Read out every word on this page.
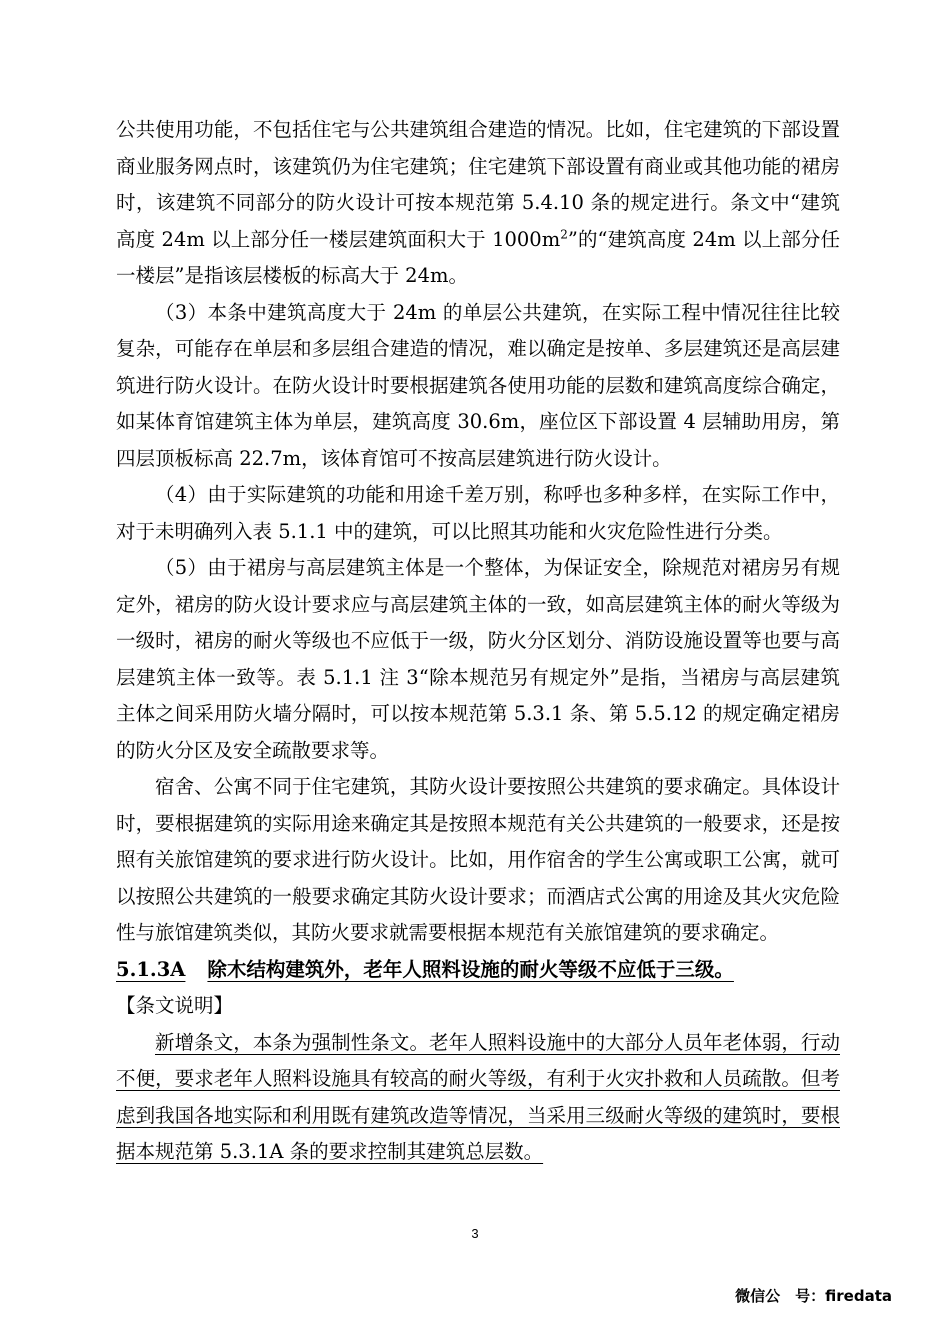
公共使用功能，不包括住宅与公共建筑组合建造的情况。比如，住宅建筑的下部设置商业服务网点时，该建筑仍为住宅建筑；住宅建筑下部设置有商业或其他功能的裙房时，该建筑不同部分的防火设计可按本规范第 5.4.10 条的规定进行。条文中“建筑高度 24m 以上部分任一楼层建筑面积大于 $1000m^2$”的“建筑高度 24m 以上部分任一楼层”是指该层楼板的标高大于 24m。

（3）本条中建筑高度大于 24m 的单层公共建筑，在实际工程中情况往往比较复杂，可能存在单层和多层组合建造的情况，难以确定是按单、多层建筑还是高层建筑进行防火设计。在防火设计时要根据建筑各使用功能的层数和建筑高度综合确定，如某体育馆建筑主体为单层，建筑高度 30.6m，座位区下部设置 4 层辅助用房，第四层顶板标高 22.7m，该体育馆可不按高层建筑进行防火设计。

（4）由于实际建筑的功能和用途千差万别，称呼也多种多样，在实际工作中，对于未明确列入表 5.1.1 中的建筑，可以比照其功能和火灾危险性进行分类。

（5）由于裙房与高层建筑主体是一个整体，为保证安全，除规范对裙房另有规定外，裙房的防火设计要求应与高层建筑主体的一致，如高层建筑主体的耐火等级为一级时，裙房的耐火等级也不应低于一级，防火分区划分、消防设施设置等也要与高层建筑主体一致等。表 5.1.1 注 3“除本规范另有规定外”是指，当裙房与高层建筑主体之间采用防火墙分隔时，可以按本规范第 5.3.1 条、第 5.5.12 的规定确定裙房的防火分区及安全疏散要求等。

宿舍、公寓不同于住宅建筑，其防火设计要按照公共建筑的要求确定。具体设计时，要根据建筑的实际用途来确定其是按照本规范有关公共建筑的一般要求，还是按照有关旅馆建筑的要求进行防火设计。比如，用作宿舍的学生公寓或职工公寓，就可以按照公共建筑的一般要求确定其防火设计要求；而酒店式公寓的用途及其火灾危险性与旅馆建筑类似，其防火要求就需要根据本规范有关旅馆建筑的要求确定。

5.1.3A 除木结构建筑外，老年人照料设施的耐火等级不应低于三级。

【条文说明】

新增条文，本条为强制性条文。老年人照料设施中的大部分人员年老体弱，行动不便，要求老年人照料设施具有较高的耐火等级，有利于火灾扑救和人员疏散。但考虑到我国各地实际和利用既有建筑改造等情况，当采用三级耐火等级的建筑时，要根据本规范第 5.3.1A 条的要求控制其建筑总层数。

3
微信公　号：firedata
